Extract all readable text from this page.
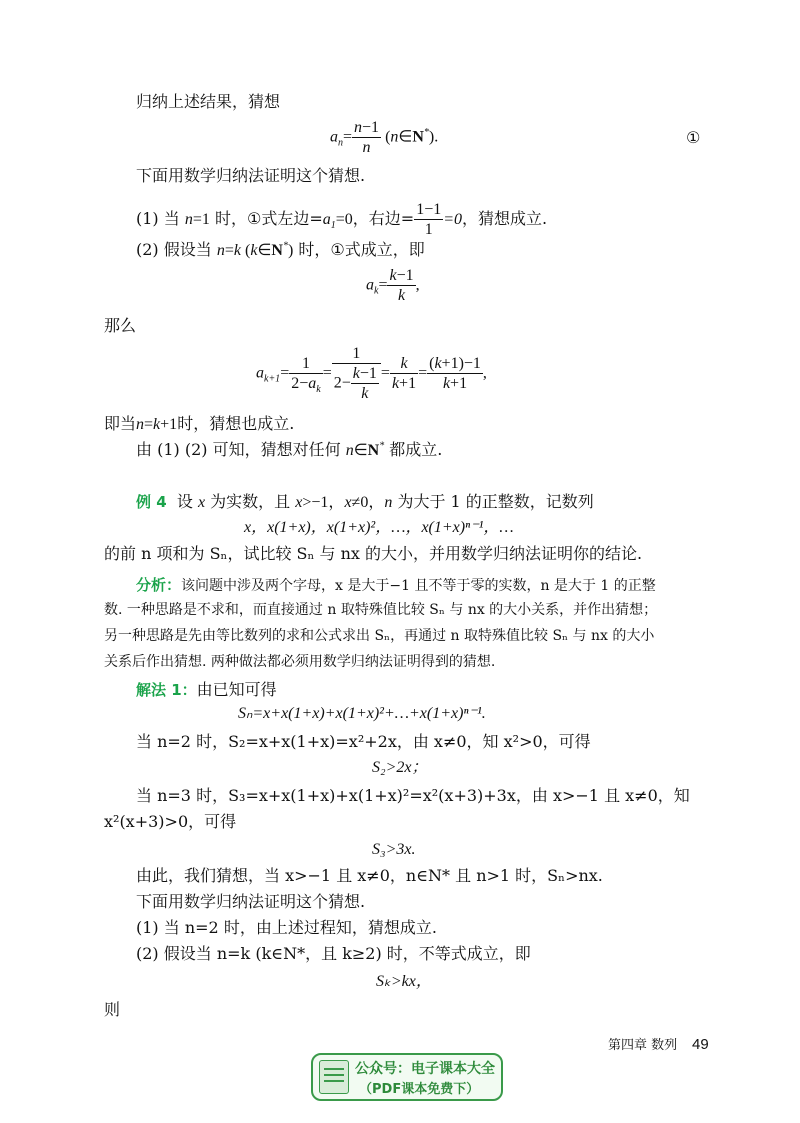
归纳上述结果，猜想
$a_n= \frac{n-1}{n}$ (n∈N*).	①
下面用数学归纳法证明这个猜想.
(1) 当 n=1 时，①式左边$=a_1=0$，右边= $\frac{1-1}{1} =0$，猜想成立.
(2) 假设当 n=k (k∈N*) 时，①式成立，即
$a_k= \frac{k-1}{k}$ ,
那么
$a_{k+1}= \frac{1}{2-a_k} = \frac{1}{2- \frac{k-1}{k}} = \frac{k}{k+1} = \frac{(k+1)-1}{k+1}$ ,
即当n=k+1时，猜想也成立.
由 (1) (2) 可知，猜想对任何 n∈N* 都成立.
例 4 设 x 为实数，且 x>−1，x≠0，n 为大于 1 的正整数，记数列
x，x(1+x)，x(1+x)²，…，x(1+x)ⁿ⁻¹，…
的前 n 项和为 Sₙ，试比较 Sₙ 与 nx 的大小，并用数学归纳法证明你的结论.
分析：该问题中涉及两个字母，x 是大于−1 且不等于零的实数，n 是大于 1 的正整
数. 一种思路是不求和，而直接通过 n 取特殊值比较 Sₙ 与 nx 的大小关系，并作出猜想；
另一种思路是先由等比数列的求和公式求出 Sₙ，再通过 n 取特殊值比较 Sₙ 与 nx 的大小
关系后作出猜想. 两种做法都必须用数学归纳法证明得到的猜想.
解法 1：由已知可得
Sₙ=x+x(1+x)+x(1+x)²+…+x(1+x)ⁿ⁻¹.
当 n=2 时，S₂=x+x(1+x)=x²+2x，由 x≠0，知 x²>0，可得
S₂>2x；
当 n=3 时，S₃=x+x(1+x)+x(1+x)²=x²(x+3)+3x，由 x>−1 且 x≠0，知
x²(x+3)>0，可得
S₃>3x.
由此，我们猜想，当 x>−1 且 x≠0，n∈N* 且 n>1 时，Sₙ>nx.
下面用数学归纳法证明这个猜想.
(1) 当 n=2 时，由上述过程知，猜想成立.
(2) 假设当 n=k (k∈N*，且 k≥2) 时，不等式成立，即
Sₖ>kx，
则
第四章 数列 49
公众号：电子课本大全
（PDF课本免费下）
